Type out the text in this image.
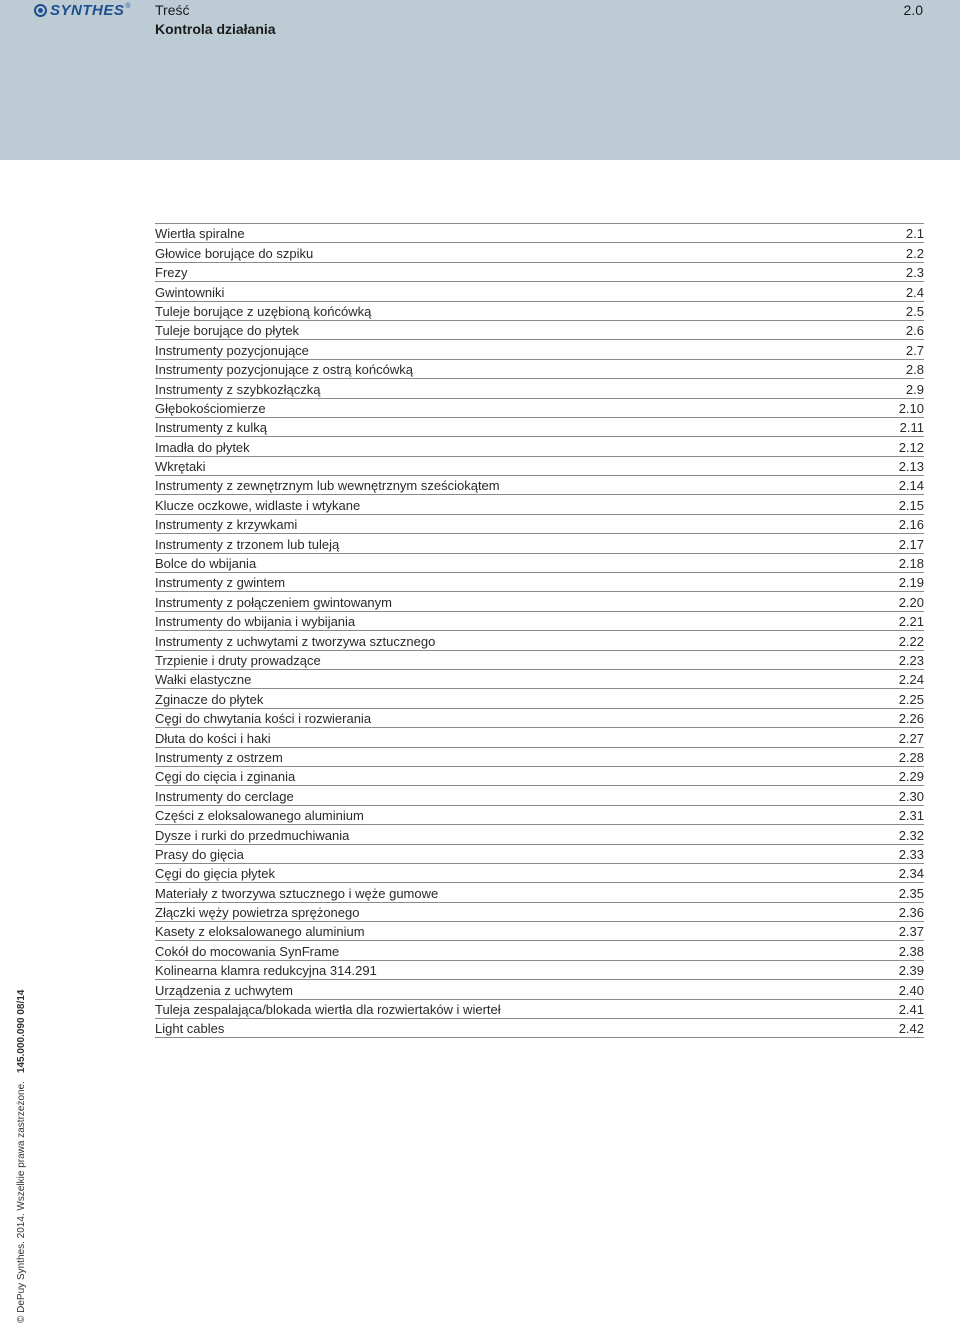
SYNTHES ® Treść
Kontrola działania
2.0
Wiertła spiralne	2.1
Głowice borujące do szpiku	2.2
Frezy	2.3
Gwintowniki	2.4
Tuleje borujące z uzębioną końcówką	2.5
Tuleje borujące do płytek	2.6
Instrumenty pozycjonujące	2.7
Instrumenty pozycjonujące z ostrą końcówką	2.8
Instrumenty z szybkozłączką	2.9
Głębokościomierze	2.10
Instrumenty z kulką	2.11
Imadła do płytek	2.12
Wkrętaki	2.13
Instrumenty z zewnętrznym lub wewnętrznym sześciokątem	2.14
Klucze oczkowe, widlaste i wtykane	2.15
Instrumenty z krzywkami	2.16
Instrumenty z trzonem lub tuleją	2.17
Bolce do wbijania	2.18
Instrumenty z gwintem	2.19
Instrumenty z połączeniem gwintowanym	2.20
Instrumenty do wbijania i wybijania	2.21
Instrumenty z uchwytami z tworzywa sztucznego	2.22
Trzpienie i druty prowadzące	2.23
Wałki elastyczne	2.24
Zginacze do płytek	2.25
Cęgi do chwytania kości i rozwierania	2.26
Dłuta do kości i haki	2.27
Instrumenty z ostrzem	2.28
Cęgi do cięcia i zginania	2.29
Instrumenty do cerclage	2.30
Części z eloksalowanego aluminium	2.31
Dysze i rurki do przedmuchiwania	2.32
Prasy do gięcia	2.33
Cęgi do gięcia płytek	2.34
Materiały z tworzywa sztucznego i węże gumowe	2.35
Złączki węży powietrza sprężonego	2.36
Kasety z eloksalowanego aluminium	2.37
Cokół do mocowania SynFrame	2.38
Kolinearna klamra redukcyjna 314.291	2.39
Urządzenia z uchwytem	2.40
Tuleja zespalająca/blokada wiertła dla rozwiertaków i wierteł	2.41
Light cables	2.42
© DePuy Synthes. 2014. Wszelkie prawa zastrzeżone.145.000.090 08/14
